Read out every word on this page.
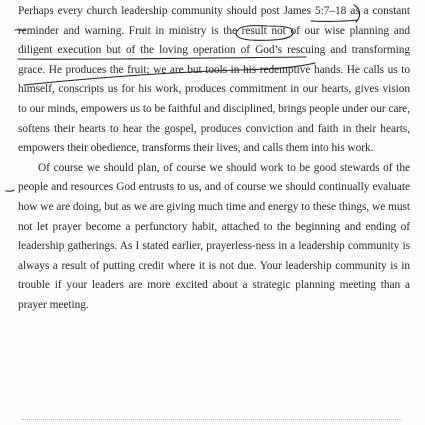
Perhaps every church leadership community should post James 5:7–18 as a constant reminder and warning. Fruit in ministry is the result not of our wise planning and diligent execution but of the loving operation of God’s rescuing and transforming grace. He produces the fruit; we are but tools in his redemptive hands. He calls us to himself, conscripts us for his work, produces commitment in our hearts, gives vision to our minds, empowers us to be faithful and disciplined, brings people under our care, softens their hearts to hear the gospel, produces conviction and faith in their hearts, empowers their obedience, transforms their lives, and calls them into his work.

Of course we should plan, of course we should work to be good stewards of the people and resources God entrusts to us, and of course we should continually evaluate how we are doing, but as we are giving much time and energy to these things, we must not let prayer become a perfunctory habit, attached to the beginning and ending of leadership gatherings. As I stated earlier, prayerless-ness in a leadership community is always a result of putting credit where it is not due. Your leadership community is in trouble if your leaders are more excited about a strategic planning meeting than a prayer meeting.
